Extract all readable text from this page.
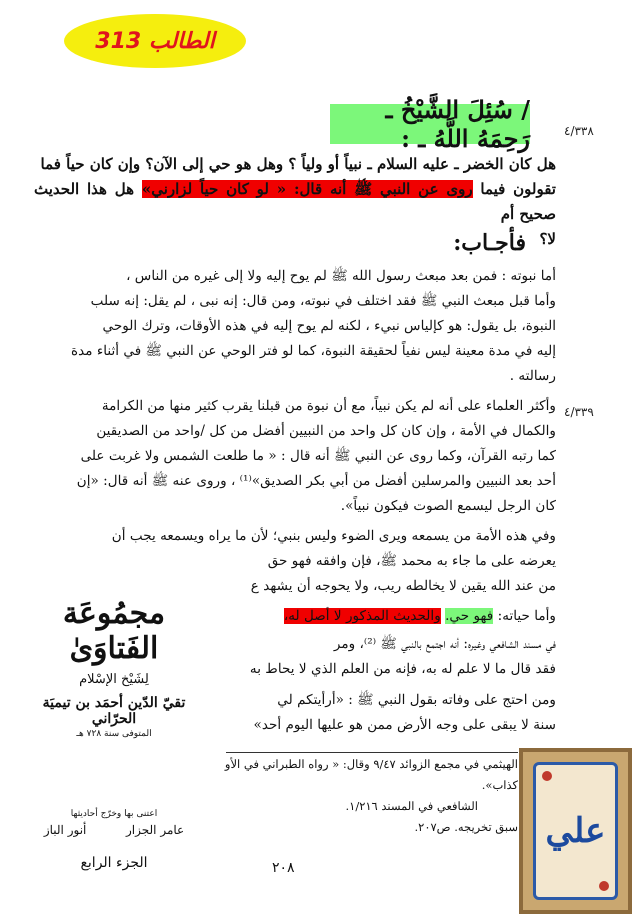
الطالب 313
/ سُئِلَ الشَّيْخُ ـ رَحِمَهُ اللَّهُ ـ :	٤/٣٣٨
٤/٣٣٩
هل كان الخضر ـ عليه السلام ـ نبياً أو ولياً ؟ وهل هو حي إلى الآن؟ وإن كان حياً فما
تقولون فيما روى عن النبي ﷺ أنه قال: « لو كان حياً لزارني» هل هذا الحديث صحيح أم
لا؟
فأجـاب:
أما نبوته : فمن بعد مبعث رسول الله ﷺ لم يوح إليه ولا إلى غيره من الناس ،
وأما قبل مبعث النبي ﷺ فقد اختلف في نبوته، ومن قال: إنه نبى ، لم يقل: إنه سلب
النبوة، بل يقول: هو كإلياس نبيء ، لكنه لم يوح إليه في هذه الأوقات، وترك الوحي
إليه في مدة معينة ليس نفياً لحقيقة النبوة، كما لو فتر الوحي عن النبي ﷺ في أثناء مدة
رسالته .
وأكثر العلماء على أنه لم يكن نبياً، مع أن نبوة من قبلنا يقرب كثير منها من الكرامة
والكمال في الأمة ، وإن كان كل واحد من النبيين أفضل من كل /واحد من الصديقين
كما رتبه القرآن، وكما روى عن النبي ﷺ أنه قال : « ما طلعت الشمس ولا غربت على
أحد بعد النبيين والمرسلين أفضل من أبي بكر الصديق»⁽¹⁾ ، وروى عنه ﷺ أنه قال: «إن
كان الرجل ليسمع الصوت فيكون نبياً».
وفي هذه الأمة من يسمعه ويرى الضوء وليس بنبي؛ لأن ما يراه ويسمعه يجب أن
يعرضه على ما جاء به محمد ﷺ، فإن وافقه فهو حق
من عند الله يقين لا يخالطه ريب، ولا يحوجه أن يشهد ع
وأما حياته: فهو حي. والحديث المذكور لا أصل له،
في مسند الشافعي وغيره: أنه اجتمع بالنبي ﷺ ⁽²⁾، ومر
فقد قال ما لا علم له به، فإنه من العلم الذي لا يحاط به
ومن احتج على وفاته بقول النبي ﷺ : «أرأيتكم لي
سنة لا يبقى على وجه الأرض ممن هو عليها اليوم أحد»
مجمُوعَة الفَتاوَىٰ
لِشَيْخ الإسْلام
تقيّ الدّين أحمَد بن تيميَة الحرّاني
المتوفى سنة ٧٢٨ هـ
اعتنى بها وخرّج أحاديثها
عامر الجزار
أنور الباز
الجزء الرابع
الهيثمي في مجمع الزوائد ٩/٤٧ وقال: « رواه الطبراني في الأو
كذاب».
الشافعي في المسند ١/٢١٦.
سبق تخريجه. ص٢٠٧.
٢٠٨
علي
